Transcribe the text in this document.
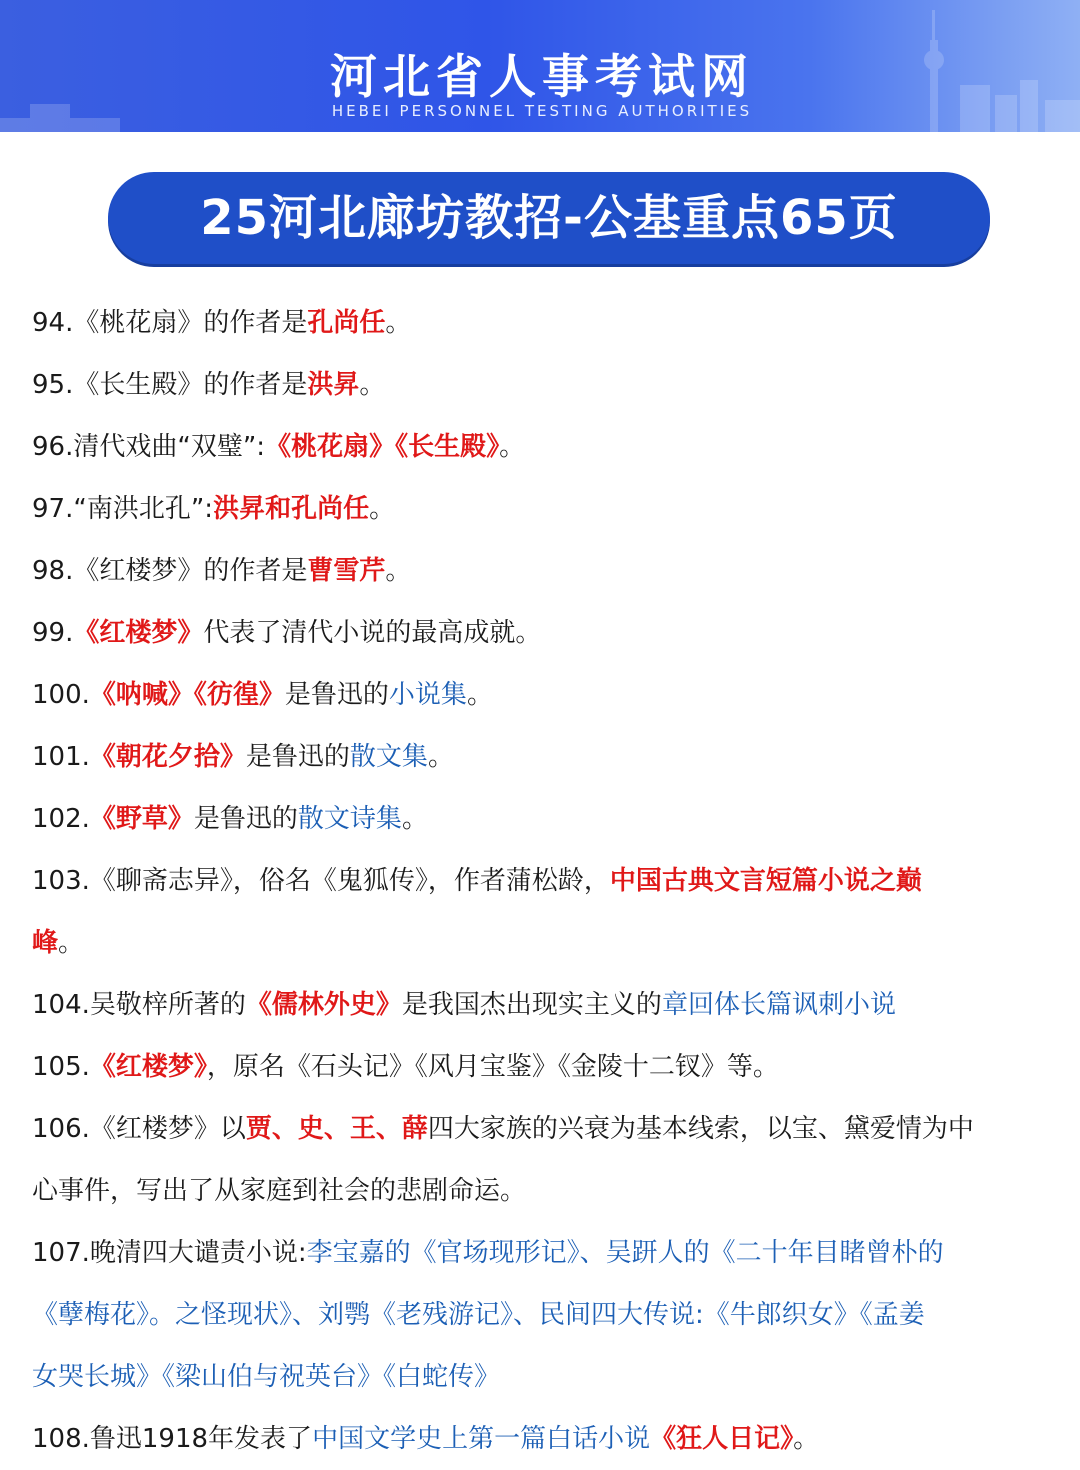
河北省人事考试网
HEBEI PERSONNEL TESTING AUTHORITIES
25河北廊坊教招-公基重点65页
94.《桃花扇》的作者是孔尚任。
95.《长生殿》的作者是洪昇。
96.清代戏曲“双璧”:《桃花扇》《长生殿》。
97.“南洪北孔”:洪昇和孔尚任。
98.《红楼梦》的作者是曹雪芹。
99.《红楼梦》代表了清代小说的最高成就。
100.《呐喊》《彷徨》是鲁迅的小说集。
101.《朝花夕拾》是鲁迅的散文集。
102.《野草》是鲁迅的散文诗集。
103.《聊斋志异》，俗名《鬼狐传》，作者蒲松龄，中国古典文言短篇小说之巅
峰。
104.吴敬梓所著的《儒林外史》是我国杰出现实主义的章回体长篇讽刺小说
105.《红楼梦》，原名《石头记》《风月宝鉴》《金陵十二钗》等。
106.《红楼梦》以贾、史、王、薛四大家族的兴衰为基本线索，以宝、黛爱情为中
心事件，写出了从家庭到社会的悲剧命运。
107.晚清四大谴责小说:李宝嘉的《官场现形记》、吴趼人的《二十年目睹曾朴的
《孽梅花》。之怪现状》、刘鹗《老残游记》、民间四大传说:《牛郎织女》《孟姜
女哭长城》《梁山伯与祝英台》《白蛇传》
108.鲁迅1918年发表了中国文学史上第一篇白话小说《狂人日记》。
